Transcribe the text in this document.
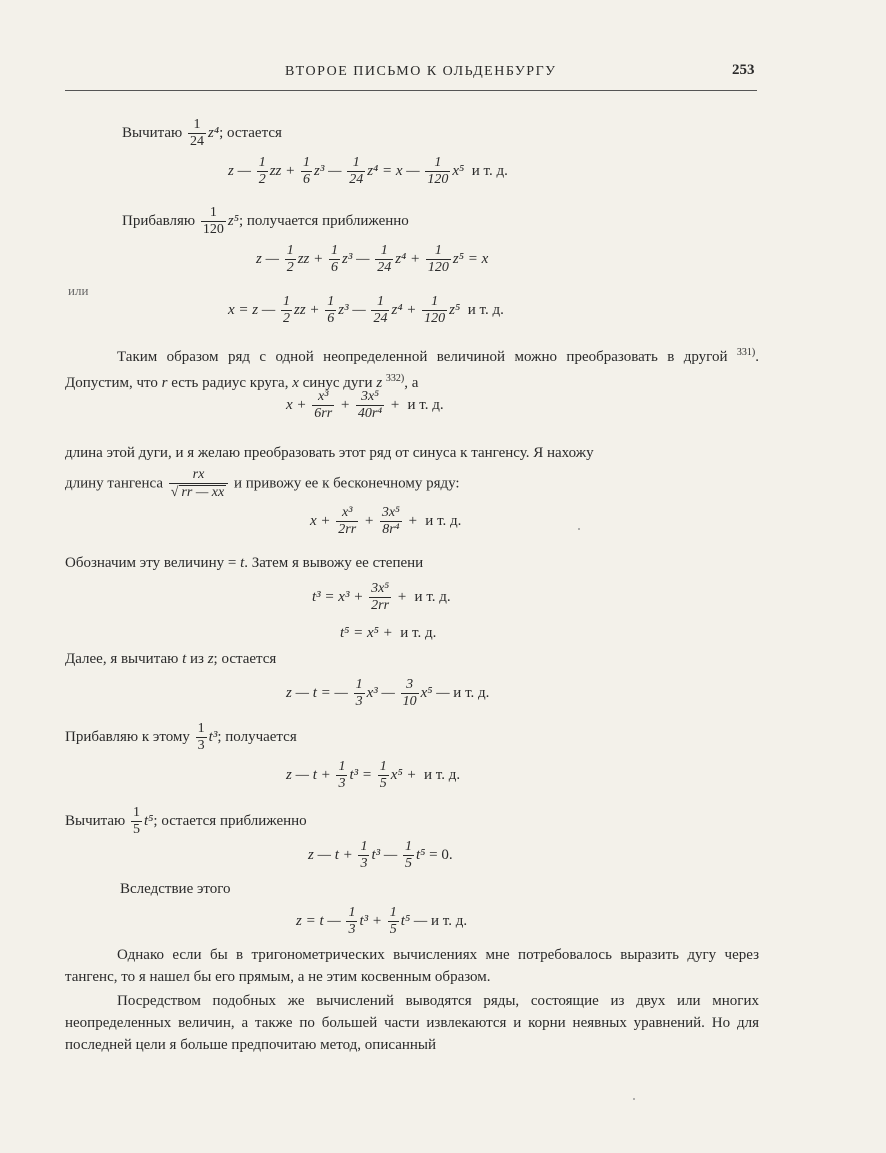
ВТОРОЕ ПИСЬМО К ОЛЬДЕНБУРГУ	253
Вычитаю $\frac{1}{24} z^4$; остается
z — $\frac{1}{2}$ zz + $\frac{1}{6} z^3$ — $\frac{1}{24} z^4 = x$ — $\frac{1}{120} x^5$ и т. д.
Прибавляю $\frac{1}{120} z^5$; получается приближенно
z — $\frac{1}{2}$ zz + $\frac{1}{6} z^3$ — $\frac{1}{24} z^4 + \frac{1}{120} z^5 = x$
или
x = z — $\frac{1}{2}$ zz + $\frac{1}{6} z^3$ — $\frac{1}{24} z^4 + \frac{1}{120} z^5$ и т. д.

Таким образом ряд с одной неопределенной величиной можно преобразовать в другой $^{331)}$. Допустим, что r есть радиус круга, x синус дуги z $^{332)}$, а

$x + \frac{\text{x³}}{6rr} + \frac{\text{3x⁵}}{\text{40r⁴}} + и$ т. д.

длина этой дуги, и я желаю преобразовать этот ряд от синуса к тангенсу. Я нахожу

длину тангенса $\frac{rx}{√ rr — xx}$ и привожу ее к бесконечному ряду:
$x + \frac{\text{x³}}{2rr} + \frac{\text{3x⁵}}{\text{8r⁴}} + и$ т. д.
Обозначим эту величину = t. Затем я вывожу ее степени
$t^3 = x^3 + \frac{\text{3x⁵}}{2rr} + и$ т. д.
t⁵ = x⁵ + и т. д.
Далее, я вычитаю t из z; остается
z — t = — $\frac{1}{3} x^3$ — $\frac{3}{10} x^5$ — и т. д.
Прибавляю к этому $\frac{1}{3} t^3$; получается
z — $t + \frac{1}{3} t^3 = \frac{1}{5} x^5 + и$ т. д.
Вычитаю $\frac{1}{5} t^5$; остается приближенно
z — $t + \frac{1}{3} t^3$ — $\frac{1}{5} t^5 = 0$.
Вследствие этого
z = t — $\frac{1}{3} t^3 + \frac{1}{5} t^5$ — и т. д.

Однако если бы в тригонометрических вычислениях мне потребовалось выразить дугу через тангенс, то я нашел бы его прямым, а не этим косвенным образом.

Посредством подобных же вычислений выводятся ряды, состоящие из двух или многих неопределенных величин, а также по большей части извлекаются и корни неявных уравнений. Но для последней цели я больше предпочитаю метод, описанный
